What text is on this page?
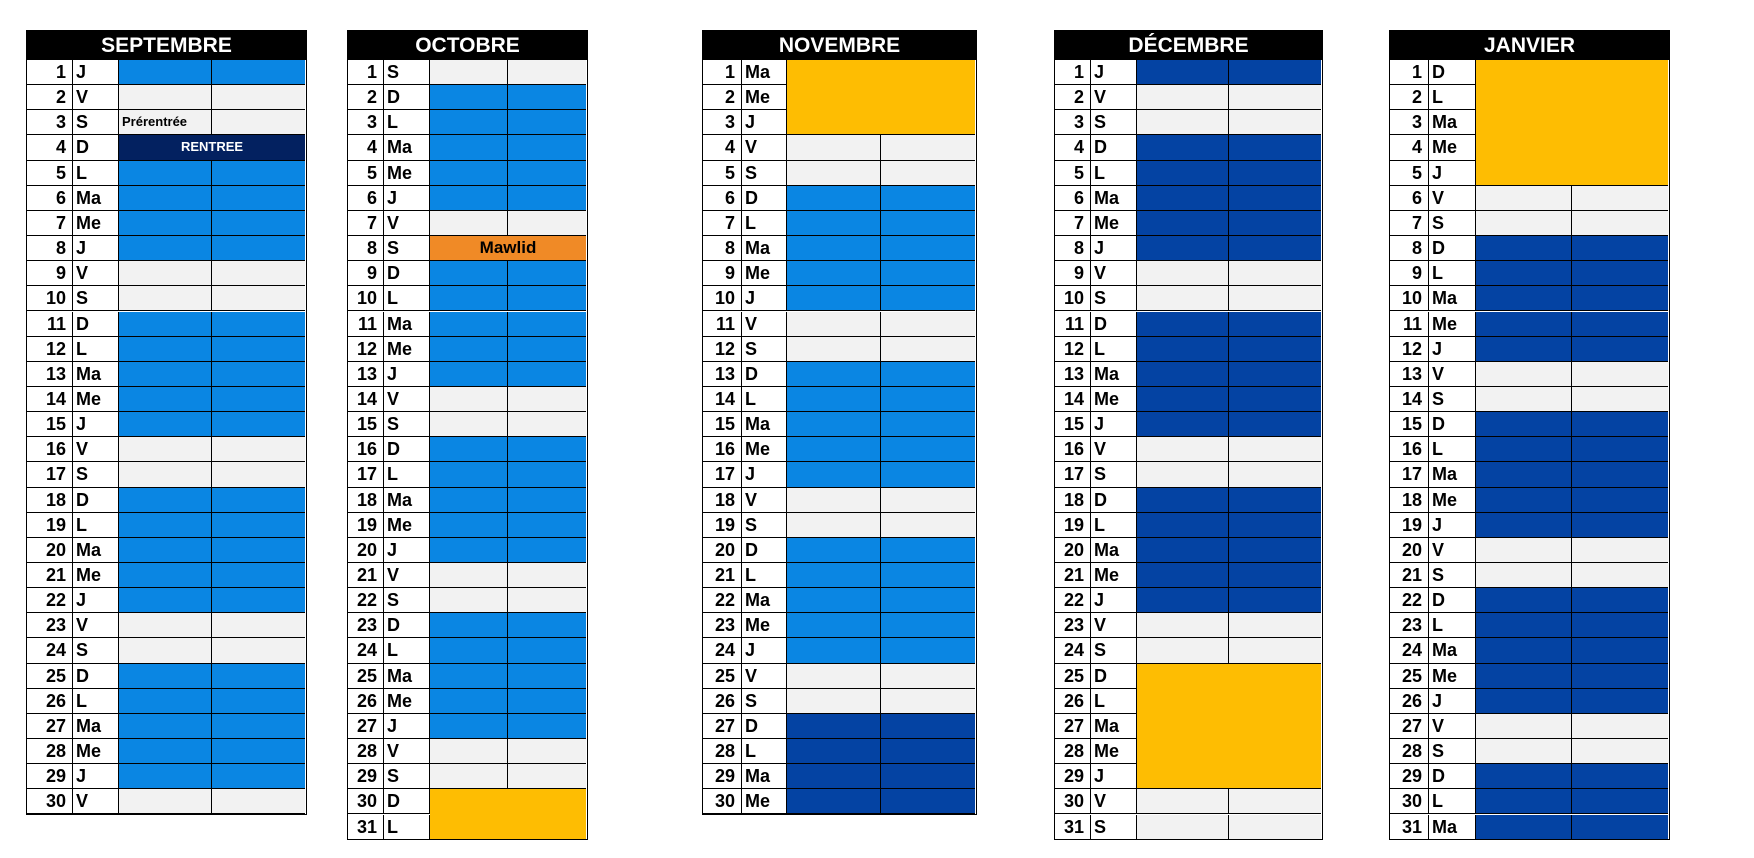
SEPTEMBRE
1 J
2 V
3 S	Prérentrée
4 D	RENTREE
5 L
6 Ma
7 Me
8 J
9 V
10 S
11 D
12 L
13 Ma
14 Me
15 J
16 V
17 S
18 D
19 L
20 Ma
21 Me
22 J
23 V
24 S
25 D
26 L
27 Ma
28 Me
29 J
30 V
OCTOBRE
1 S
2 D
3 L
4 Ma
5 Me
6 J
7 V
8 S	Mawlid
9 D
10 L
11 Ma
12 Me
13 J
14 V
15 S
16 D
17 L
18 Ma
19 Me
20 J
21 V
22 S
23 D
24 L
25 Ma
26 Me
27 J
28 V
29 S
30 D
31 L
NOVEMBRE
1 Ma
2 Me
3 J
4 V
5 S
6 D
7 L
8 Ma
9 Me
10 J
11 V
12 S
13 D
14 L
15 Ma
16 Me
17 J
18 V
19 S
20 D
21 L
22 Ma
23 Me
24 J
25 V
26 S
27 D
28 L
29 Ma
30 Me
DÉCEMBRE
1 J
2 V
3 S
4 D
5 L
6 Ma
7 Me
8 J
9 V
10 S
11 D
12 L
13 Ma
14 Me
15 J
16 V
17 S
18 D
19 L
20 Ma
21 Me
22 J
23 V
24 S
25 D
26 L
27 Ma
28 Me
29 J
30 V
31 S
JANVIER
1 D
2 L
3 Ma
4 Me
5 J
6 V
7 S
8 D
9 L
10 Ma
11 Me
12 J
13 V
14 S
15 D
16 L
17 Ma
18 Me
19 J
20 V
21 S
22 D
23 L
24 Ma
25 Me
26 J
27 V
28 S
29 D
30 L
31 Ma
